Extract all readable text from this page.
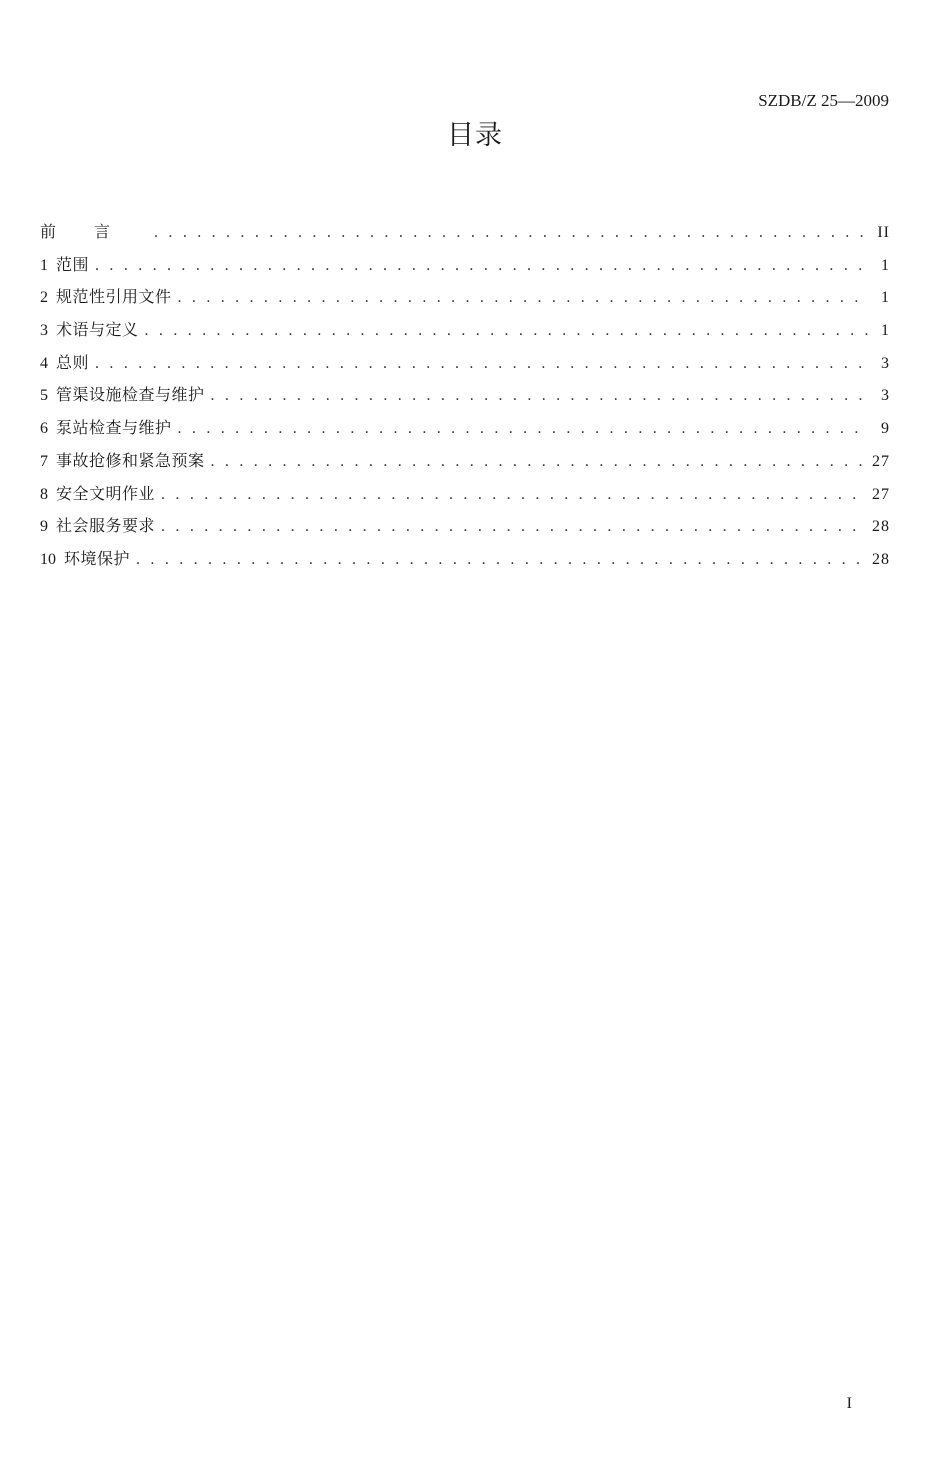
SZDB/Z 25—2009
目录
前言 . . .	II
1 范围 . . .	1
2 规范性引用文件 . . .	1
3 术语与定义 . . .	1
4 总则 . . .	3
5 管渠设施检查与维护 . . .	3
6 泵站检查与维护 . . .	9
7 事故抢修和紧急预案 . . .	27
8 安全文明作业 . . .	27
9 社会服务要求 . . .	28
10 环境保护 . . .	28
I
